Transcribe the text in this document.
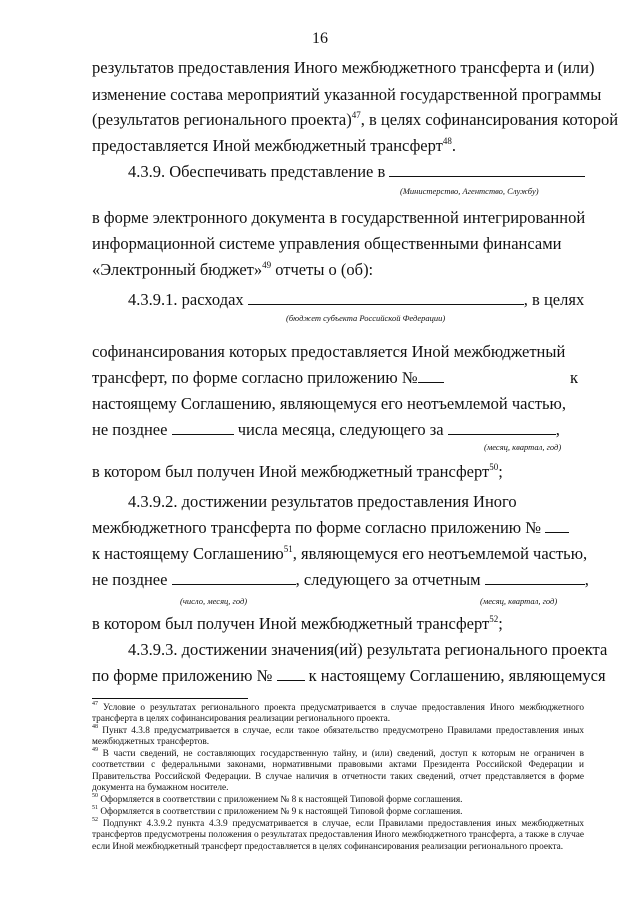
16
результатов предоставления Иного межбюджетного трансферта и (или)
изменение состава мероприятий указанной государственной программы
(результатов регионального проекта)$^{47}$, в целях софинансирования которой
предоставляется Иной межбюджетный трансферт$^{48}$.
4.3.9. Обеспечивать представление в
(Министерство, Агентство, Службу)
в форме электронного документа в государственной интегрированной
информационной системе управления общественными финансами
«Электронный бюджет»$^{49}$ отчеты о (об):
4.3.9.1. расходах	, в целях
(бюджет субъекта Российской Федерации)
софинансирования которых предоставляется Иной межбюджетный
трансферт, по форме согласно приложению №	к
настоящему Соглашению, являющемуся его неотъемлемой частью,
не позднее	числа месяца, следующего за	,
(месяц, квартал, год)
в котором был получен Иной межбюджетный трансферт$^{50}$;
4.3.9.2. достижении результатов предоставления Иного
межбюджетного трансферта по форме согласно приложению №
к настоящему Соглашению$^{51}$, являющемуся его неотъемлемой частью,
не позднее	, следующего за отчетным	,
(число, месяц, год)	(месяц, квартал, год)
в котором был получен Иной межбюджетный трансферт$^{52}$;
4.3.9.3. достижении значения(ий) результата регионального проекта
по форме приложению № к настоящему Соглашению, являющемуся
$^{47}$ Условие о результатах регионального проекта предусматривается в случае предоставления Иного межбюджетного трансферта в целях софинансирования реализации регионального проекта.
$^{48}$ Пункт 4.3.8 предусматривается в случае, если такое обязательство предусмотрено Правилами предоставления иных межбюджетных трансфертов.
$^{49}$ В части сведений, не составляющих государственную тайну, и (или) сведений, доступ к которым не ограничен в соответствии с федеральными законами, нормативными правовыми актами Президента Российской Федерации и Правительства Российской Федерации. В случае наличия в отчетности таких сведений, отчет представляется в форме документа на бумажном носителе.
$^{50}$ Оформляется в соответствии с приложением № 8 к настоящей Типовой форме соглашения.
$^{51}$ Оформляется в соответствии с приложением № 9 к настоящей Типовой форме соглашения.
$^{52}$ Подпункт 4.3.9.2 пункта 4.3.9 предусматривается в случае, если Правилами предоставления иных межбюджетных трансфертов предусмотрены положения о результатах предоставления Иного межбюджетного трансферта, а также в случае если Иной межбюджетный трансферт предоставляется в целях софинансирования реализации регионального проекта.
